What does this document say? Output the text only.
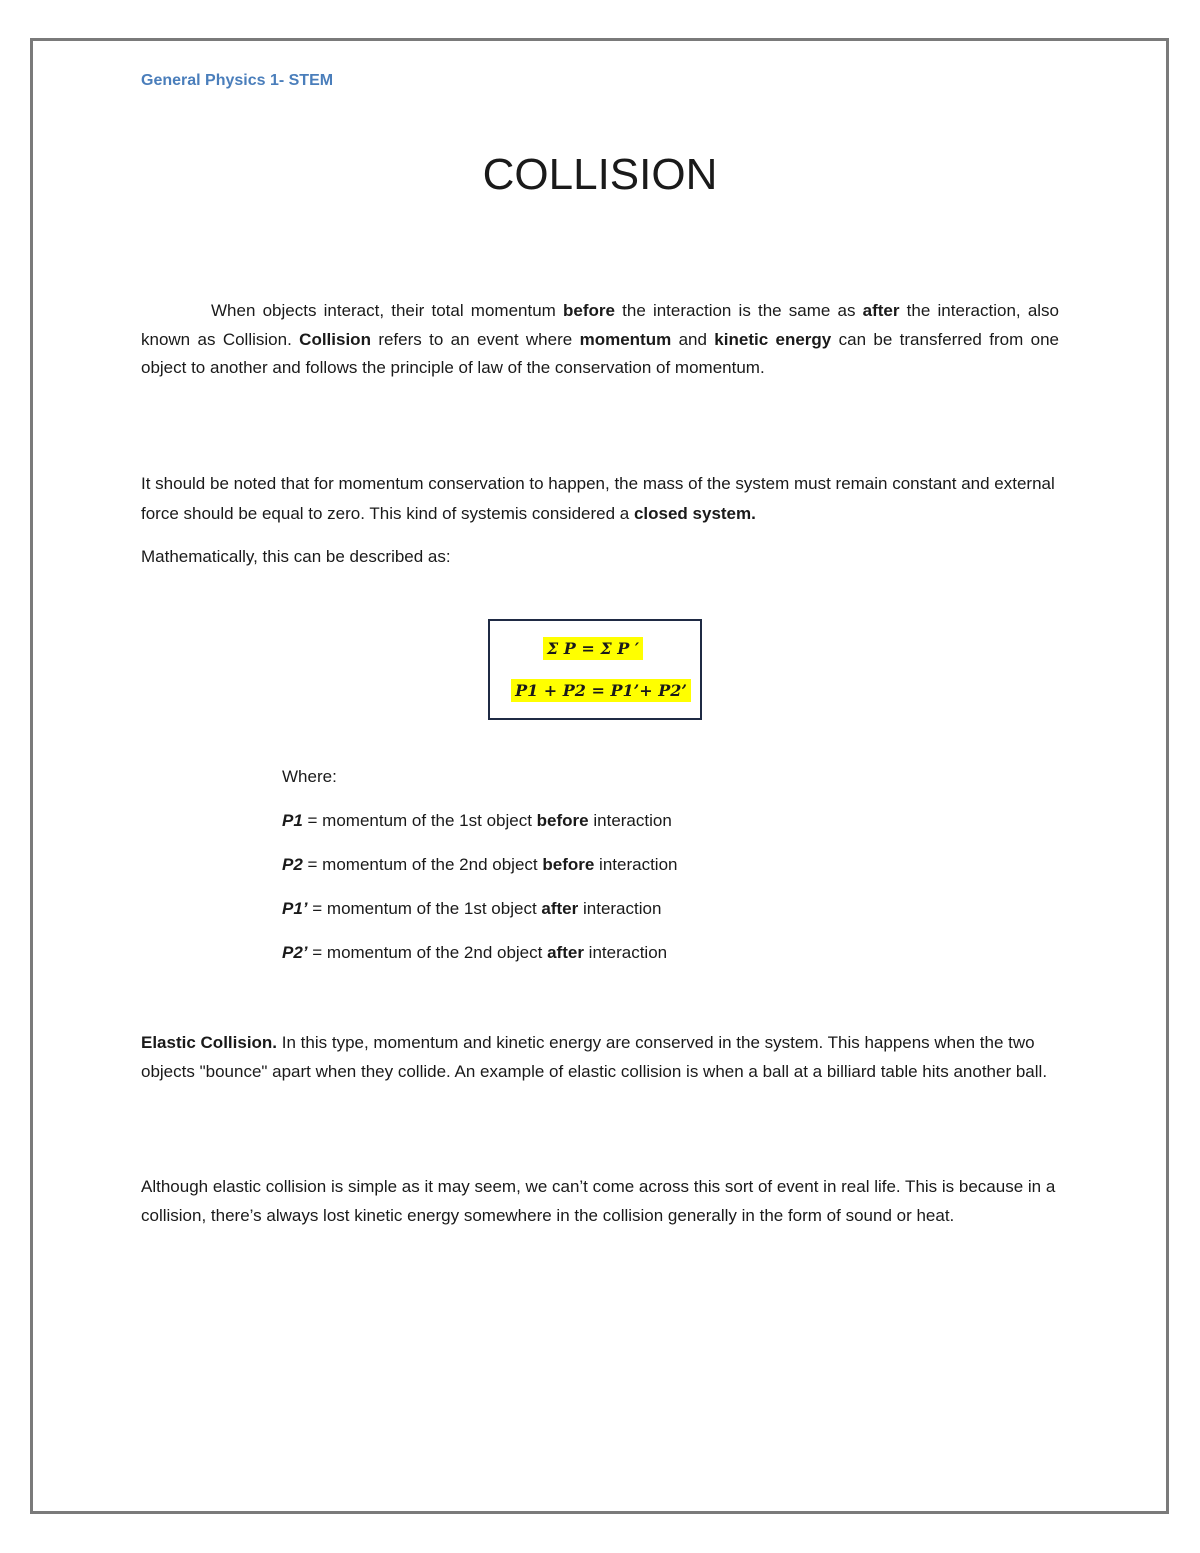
General Physics 1- STEM
COLLISION

When objects interact, their total momentum before the interaction is the same as after the interaction, also known as Collision. Collision refers to an event where momentum and kinetic energy can be transferred from one object to another and follows the principle of law of the conservation of momentum.

It should be noted that for momentum conservation to happen, the mass of the system must remain constant and external force should be equal to zero. This kind of systemis considered a closed system.

Mathematically, this can be described as:

Σ P = Σ P ′
P1 + P2 = P1’+ P2’
Where:
P1 = momentum of the 1st object before interaction
P2 = momentum of the 2nd object before interaction
P1’ = momentum of the 1st object after interaction
P2’ = momentum of the 2nd object after interaction

Elastic Collision. In this type, momentum and kinetic energy are conserved in the system. This happens when the two objects "bounce" apart when they collide. An example of elastic collision is when a ball at a billiard table hits another ball.

Although elastic collision is simple as it may seem, we can’t come across this sort of event in real life. This is because in a collision, there’s always lost kinetic energy somewhere in the collision generally in the form of sound or heat.
